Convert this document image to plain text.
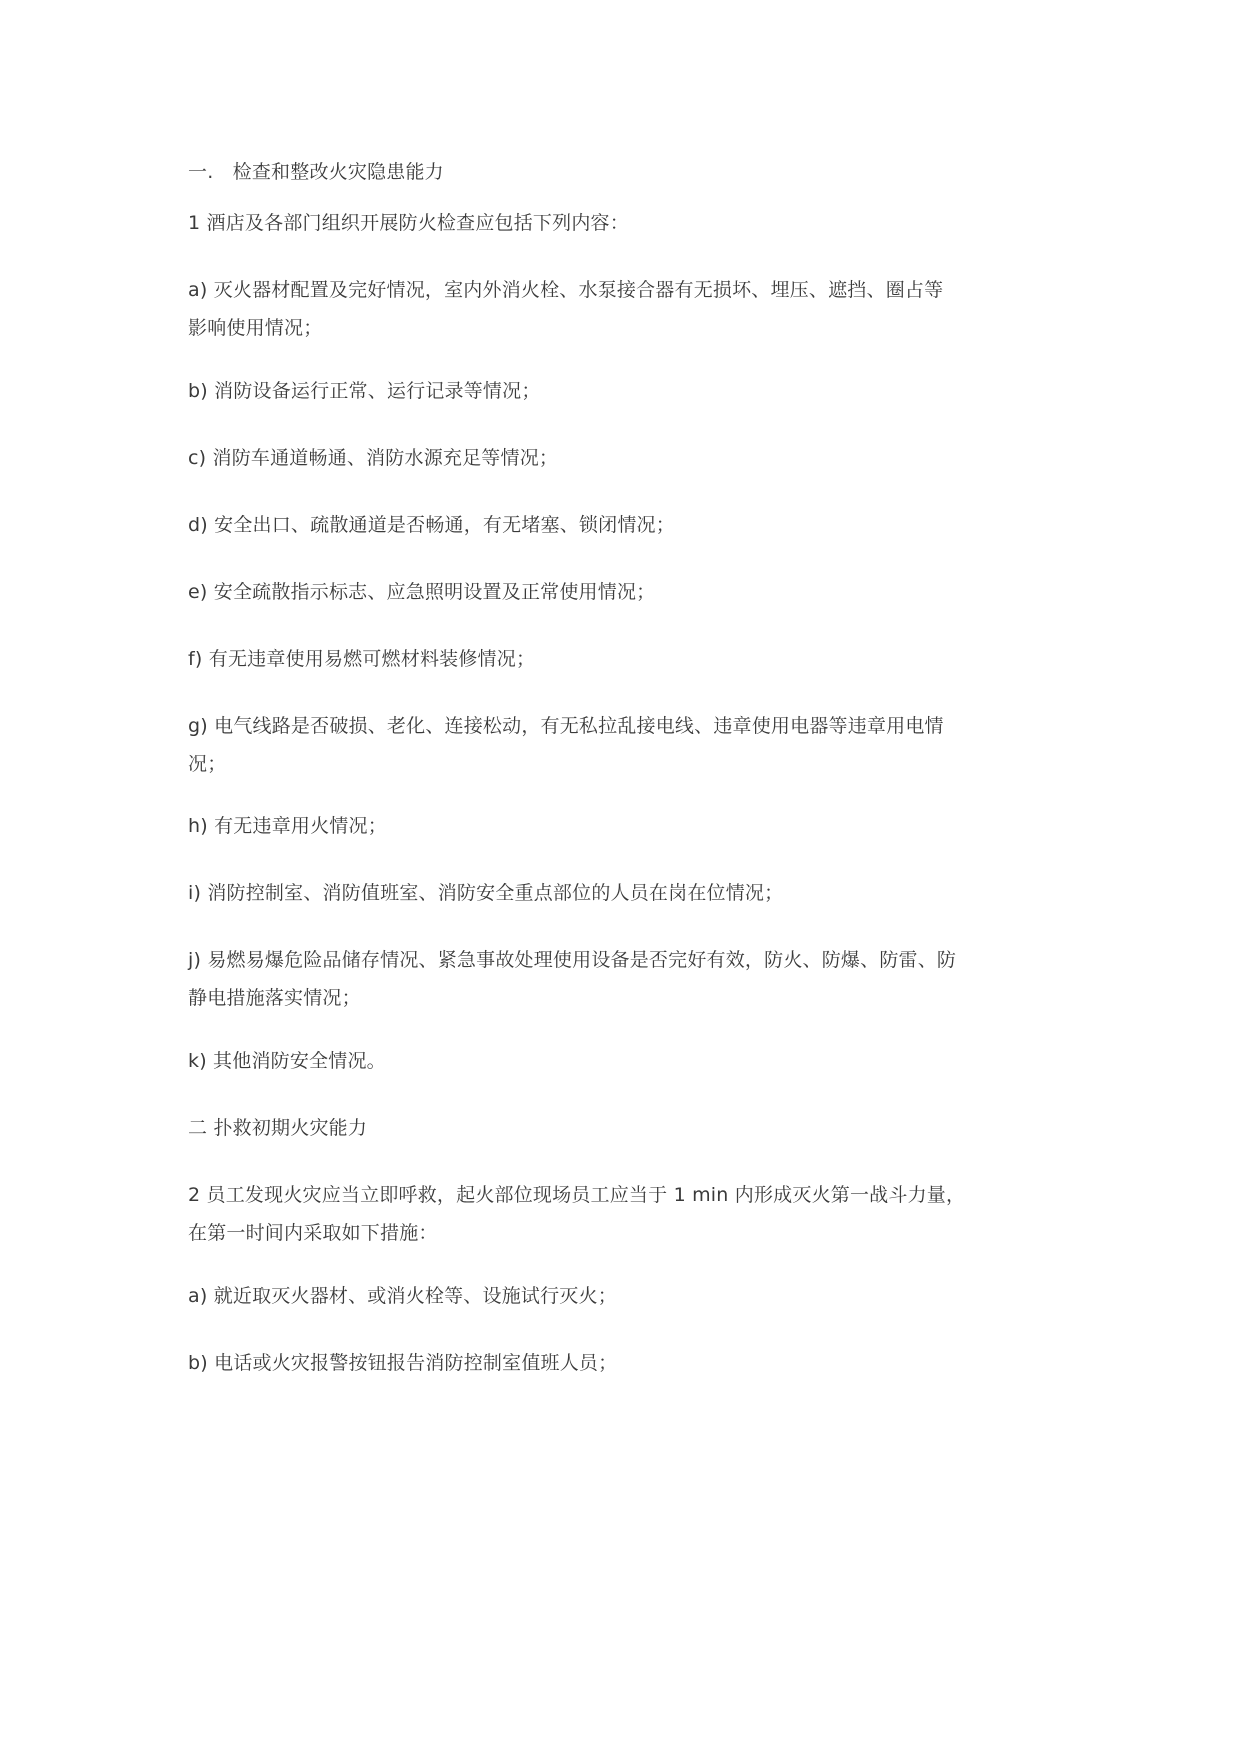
一.　检查和整改火灾隐患能力
1 酒店及各部门组织开展防火检查应包括下列内容：
a) 灭火器材配置及完好情况，室内外消火栓、水泵接合器有无损坏、埋压、遮挡、圈占等
影响使用情况；
b) 消防设备运行正常、运行记录等情况；
c) 消防车通道畅通、消防水源充足等情况；
d) 安全出口、疏散通道是否畅通，有无堵塞、锁闭情况；
e) 安全疏散指示标志、应急照明设置及正常使用情况；
f) 有无违章使用易燃可燃材料装修情况；
g) 电气线路是否破损、老化、连接松动，有无私拉乱接电线、违章使用电器等违章用电情
况；
h) 有无违章用火情况；
i) 消防控制室、消防值班室、消防安全重点部位的人员在岗在位情况；
j) 易燃易爆危险品储存情况、紧急事故处理使用设备是否完好有效，防火、防爆、防雷、防
静电措施落实情况；
k) 其他消防安全情况。
二 扑救初期火灾能力
2 员工发现火灾应当立即呼救，起火部位现场员工应当于 1 min 内形成灭火第一战斗力量，
在第一时间内采取如下措施：
a) 就近取灭火器材、或消火栓等、设施试行灭火；
b) 电话或火灾报警按钮报告消防控制室值班人员；
